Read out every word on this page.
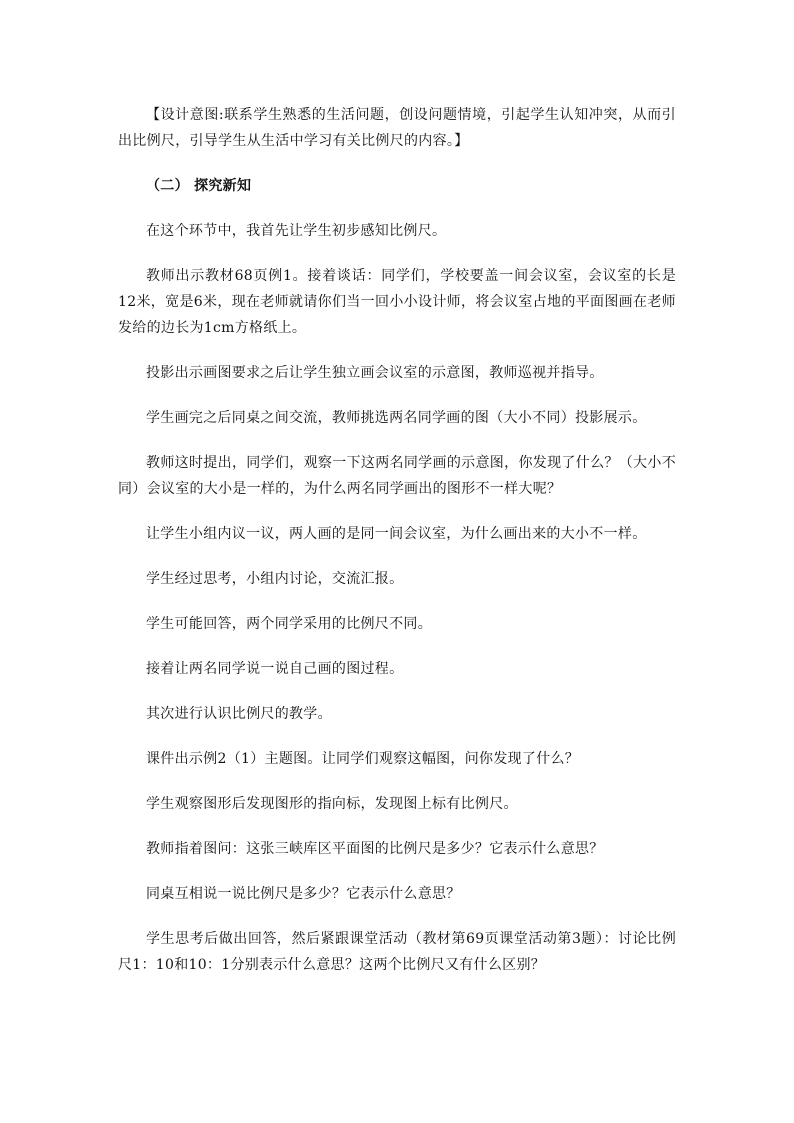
【设计意图:联系学生熟悉的生活问题，创设问题情境，引起学生认知冲突，从而引出比例尺，引导学生从生活中学习有关比例尺的内容。】

（二） 探究新知

在这个环节中，我首先让学生初步感知比例尺。

教师出示教材68页例1。接着谈话：同学们，学校要盖一间会议室，会议室的长是12米，宽是6米，现在老师就请你们当一回小小设计师，将会议室占地的平面图画在老师发给的边长为1cm方格纸上。

投影出示画图要求之后让学生独立画会议室的示意图，教师巡视并指导。

学生画完之后同桌之间交流，教师挑选两名同学画的图（大小不同）投影展示。

教师这时提出，同学们，观察一下这两名同学画的示意图，你发现了什么？（大小不同）会议室的大小是一样的，为什么两名同学画出的图形不一样大呢？

让学生小组内议一议，两人画的是同一间会议室，为什么画出来的大小不一样。

学生经过思考，小组内讨论，交流汇报。

学生可能回答，两个同学采用的比例尺不同。

接着让两名同学说一说自己画的图过程。

其次进行认识比例尺的教学。

课件出示例2（1）主题图。让同学们观察这幅图，问你发现了什么？

学生观察图形后发现图形的指向标，发现图上标有比例尺。

教师指着图问：这张三峡库区平面图的比例尺是多少？它表示什么意思？

同桌互相说一说比例尺是多少？它表示什么意思？

学生思考后做出回答，然后紧跟课堂活动（教材第69页课堂活动第3题）：讨论比例尺1：10和10：1分别表示什么意思？这两个比例尺又有什么区别？
